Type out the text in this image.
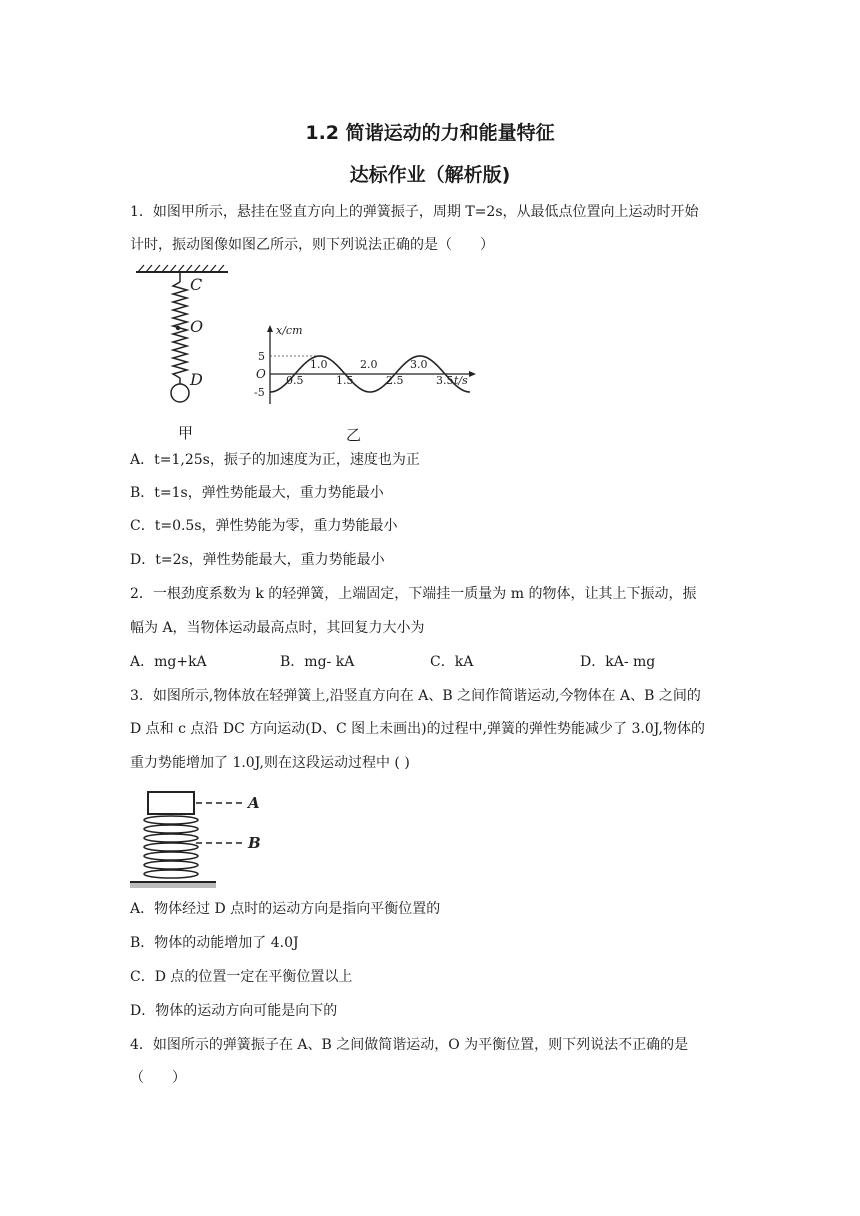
1.2 简谐运动的力和能量特征
达标作业（解析版)
1．如图甲所示，悬挂在竖直方向上的弹簧振子，周期 T=2s，从最低点位置向上运动时开始
计时，振动图像如图乙所示，则下列说法正确的是（　　）
C
O
D
甲
x/cm
t/s
O
5
-5
1.0	2.0	3.0
0.5	1.5	2.5	3.5
乙
A．t=1,25s，振子的加速度为正，速度也为正
B．t=1s，弹性势能最大，重力势能最小
C．t=0.5s，弹性势能为零，重力势能最小
D．t=2s，弹性势能最大，重力势能最小
2．一根劲度系数为 k 的轻弹簧，上端固定，下端挂一质量为 m 的物体，让其上下振动，振
幅为 A，当物体运动最高点时，其回复力大小为
A．mg+kA	B．mg- kA	C．kA	D．kA- mg
3．如图所示,物体放在轻弹簧上,沿竖直方向在 A、B 之间作简谐运动,今物体在 A、B 之间的
D 点和 c 点沿 DC 方向运动(D、C 图上未画出)的过程中,弹簧的弹性势能减少了 3.0J,物体的
重力势能增加了 1.0J,则在这段运动过程中 ( )
A
B
A．物体经过 D 点时的运动方向是指向平衡位置的
B．物体的动能增加了 4.0J
C．D 点的位置一定在平衡位置以上
D．物体的运动方向可能是向下的
4．如图所示的弹簧振子在 A、B 之间做简谐运动，O 为平衡位置，则下列说法不正确的是
（　　）
